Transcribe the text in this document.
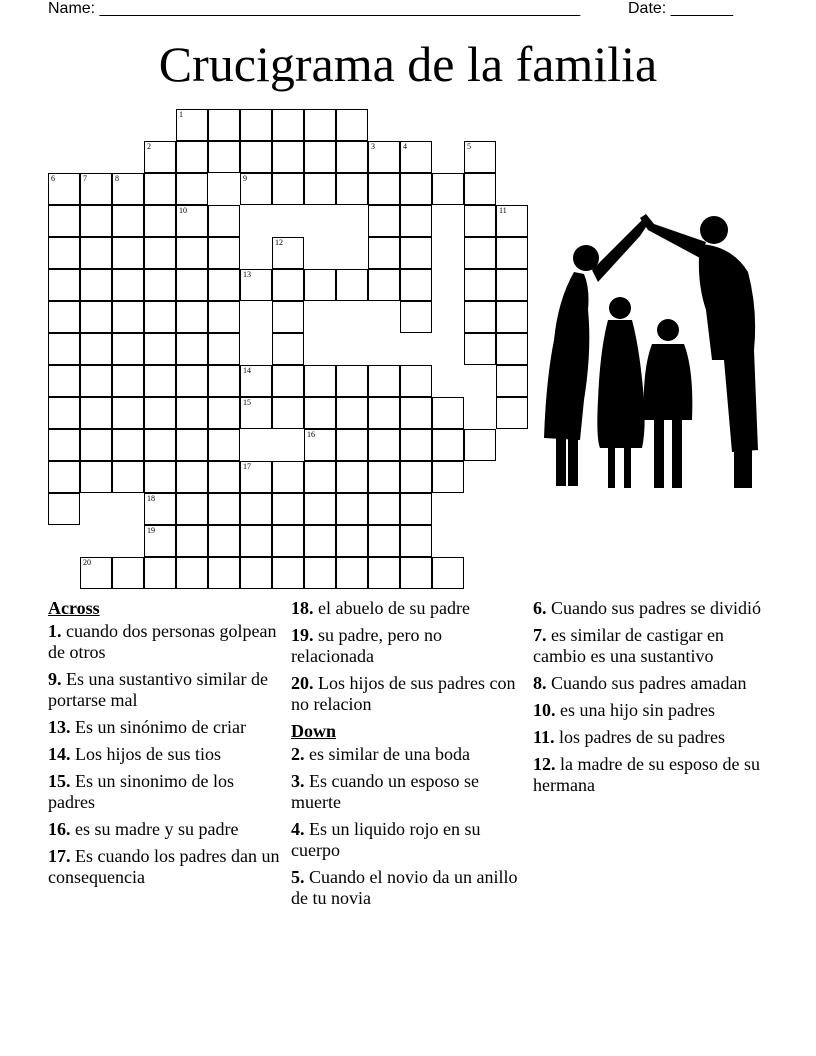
Name: ______________________________________________________	Date: _______
Crucigrama de la familia
1
2	3	4	5
6	7	8	9
10	11
12
13
14
15
16
17
18
19
20
Across
1. cuando dos personas golpean de otros
9. Es una sustantivo similar de portarse mal
13. Es un sinónimo de criar
14. Los hijos de sus tios
15. Es un sinonimo de los padres
16. es su madre y su padre
17. Es cuando los padres dan un consequencia
18. el abuelo de su padre
19. su padre, pero no relacionada
20. Los hijos de sus padres con no relacion
Down
2. es similar de una boda
3. Es cuando un esposo se muerte
4. Es un liquido rojo en su cuerpo
5. Cuando el novio da un anillo de tu novia
6. Cuando sus padres se dividió
7. es similar de castigar en cambio es una sustantivo
8. Cuando sus padres amadan
10. es una hijo sin padres
11. los padres de su padres
12. la madre de su esposo de su hermana
